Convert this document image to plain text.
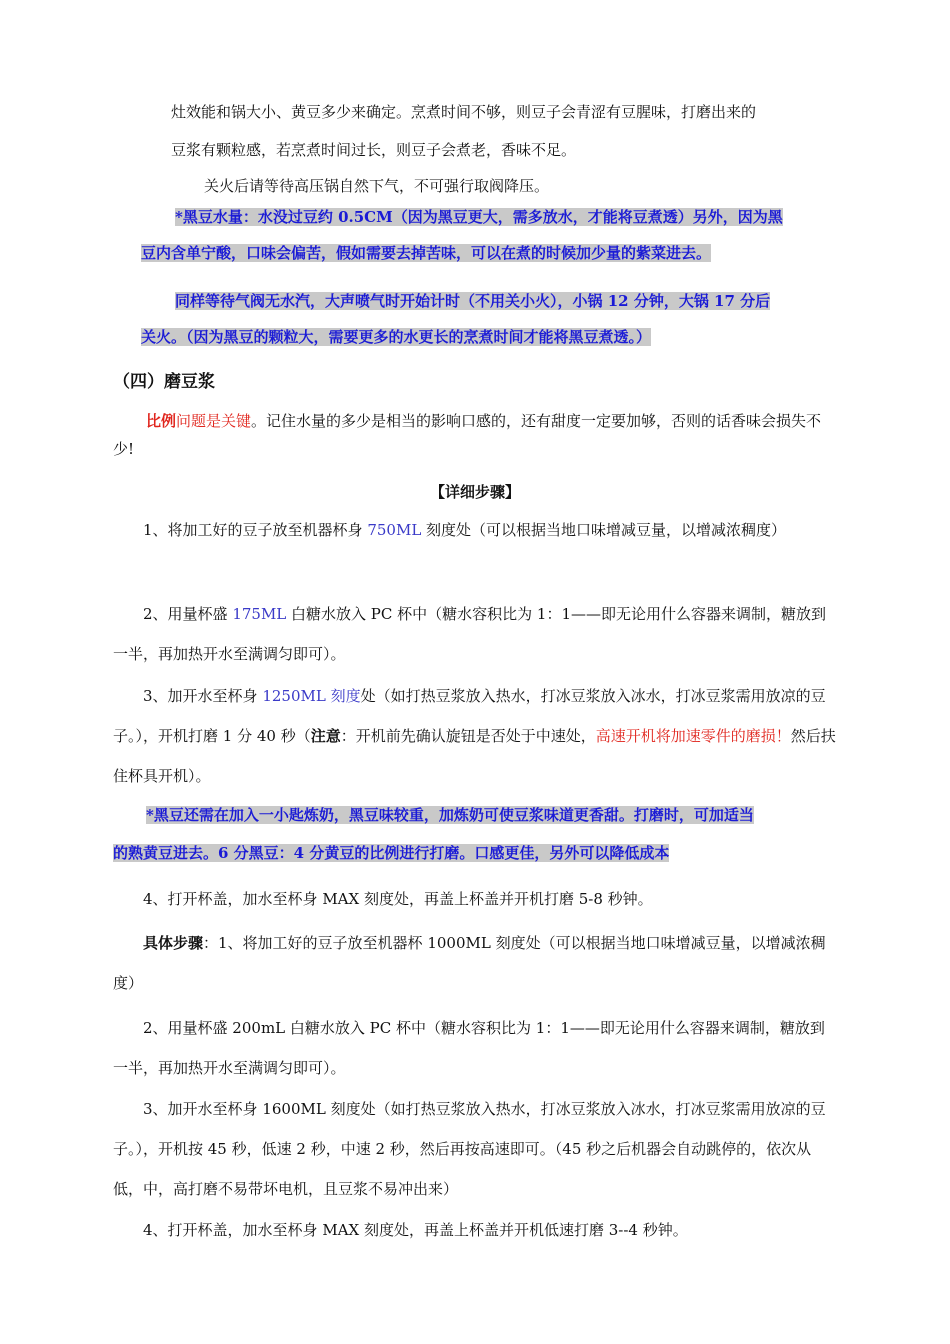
灶效能和锅大小、黄豆多少来确定。烹煮时间不够，则豆子会青涩有豆腥味，打磨出来的

豆浆有颗粒感，若烹煮时间过长，则豆子会煮老，香味不足。

关火后请等待高压锅自然下气，不可强行取阀降压。

*黑豆水量：水没过豆约 0.5CM（因为黑豆更大，需多放水，才能将豆煮透）另外，因为黑

豆内含单宁酸，口味会偏苦，假如需要去掉苦味，可以在煮的时候加少量的紫菜进去。

同样等待气阀无水汽，大声喷气时开始计时（不用关小火），小锅 12 分钟，大锅 17 分后

关火。（因为黑豆的颗粒大，需要更多的水更长的烹煮时间才能将黑豆煮透。）

（四）磨豆浆

比例问题是关键。记住水量的多少是相当的影响口感的，还有甜度一定要加够，否则的话香味会损失不少!

【详细步骤】

1、将加工好的豆子放至机器杯身 750ML 刻度处（可以根据当地口味增减豆量，以增减浓稠度）

2、用量杯盛 175ML 白糖水放入 PC 杯中（糖水容积比为 1：1——即无论用什么容器来调制，糖放到一半，再加热开水至满调匀即可）。

3、加开水至杯身 1250ML 刻度处（如打热豆浆放入热水，打冰豆浆放入冰水，打冰豆浆需用放凉的豆子。），开机打磨 1 分 40 秒（注意：开机前先确认旋钮是否处于中速处，高速开机将加速零件的磨损！然后扶住杯具开机）。

*黑豆还需在加入一小匙炼奶，黑豆味较重，加炼奶可使豆浆味道更香甜。打磨时，可加适当

的熟黄豆进去。6 分黑豆：4 分黄豆的比例进行打磨。口感更佳，另外可以降低成本

4、打开杯盖，加水至杯身 MAX 刻度处，再盖上杯盖并开机打磨 5-8 秒钟。

具体步骤：1、将加工好的豆子放至机器杯 1000ML 刻度处（可以根据当地口味增减豆量，以增减浓稠度）

2、用量杯盛 200mL 白糖水放入 PC 杯中（糖水容积比为 1：1——即无论用什么容器来调制，糖放到一半，再加热开水至满调匀即可）。

3、加开水至杯身 1600ML 刻度处（如打热豆浆放入热水，打冰豆浆放入冰水，打冰豆浆需用放凉的豆子。），开机按 45 秒，低速 2 秒，中速 2 秒，然后再按高速即可。（45 秒之后机器会自动跳停的，依次从低，中，高打磨不易带坏电机，且豆浆不易冲出来）

4、打开杯盖，加水至杯身 MAX 刻度处，再盖上杯盖并开机低速打磨 3--4 秒钟。
